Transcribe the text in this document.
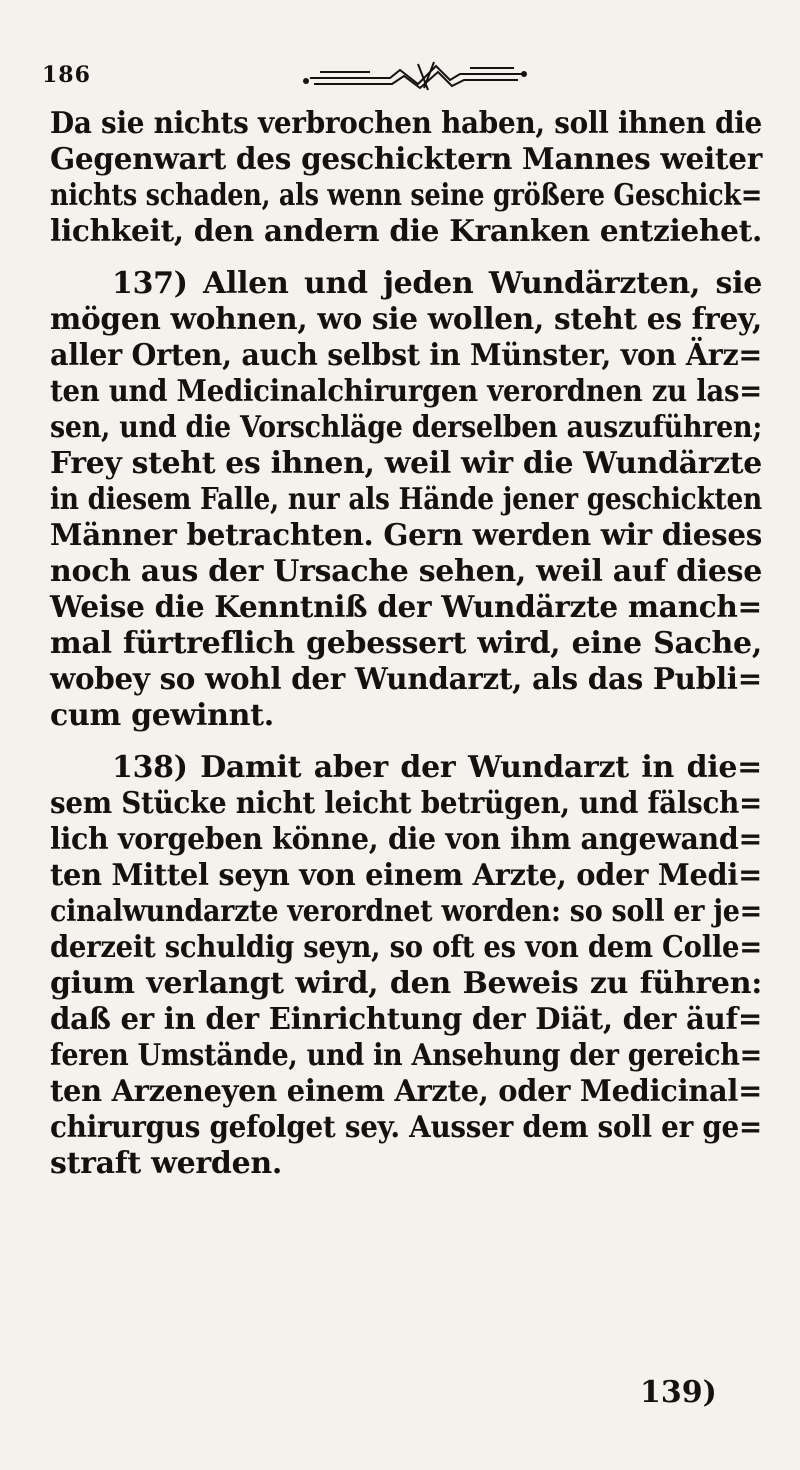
186
Da sie nichts verbrochen haben, soll ihnen die
Gegenwart des geschicktern Mannes weiter
nichts schaden, als wenn seine größere Geschick=
lichkeit, den andern die Kranken entziehet.
137) Allen und jeden Wundärzten, sie
mögen wohnen, wo sie wollen, steht es frey,
aller Orten, auch selbst in Münster, von Ärz=
ten und Medicinalchirurgen verordnen zu las=
sen, und die Vorschläge derselben auszuführen;
Frey steht es ihnen, weil wir die Wundärzte
in diesem Falle, nur als Hände jener geschickten
Männer betrachten. Gern werden wir dieses
noch aus der Ursache sehen, weil auf diese
Weise die Kenntniß der Wundärzte manch=
mal fürtreflich gebessert wird, eine Sache,
wobey so wohl der Wundarzt, als das Publi=
cum gewinnt.
138) Damit aber der Wundarzt in die=
sem Stücke nicht leicht betrügen, und fälsch=
lich vorgeben könne, die von ihm angewand=
ten Mittel seyn von einem Arzte, oder Medi=
cinalwundarzte verordnet worden: so soll er je=
derzeit schuldig seyn, so oft es von dem Colle=
gium verlangt wird, den Beweis zu führen:
daß er in der Einrichtung der Diät, der äuf=
feren Umstände, und in Ansehung der gereich=
ten Arzeneyen einem Arzte, oder Medicinal=
chirurgus gefolget sey. Ausser dem soll er ge=
straft werden.
139)
